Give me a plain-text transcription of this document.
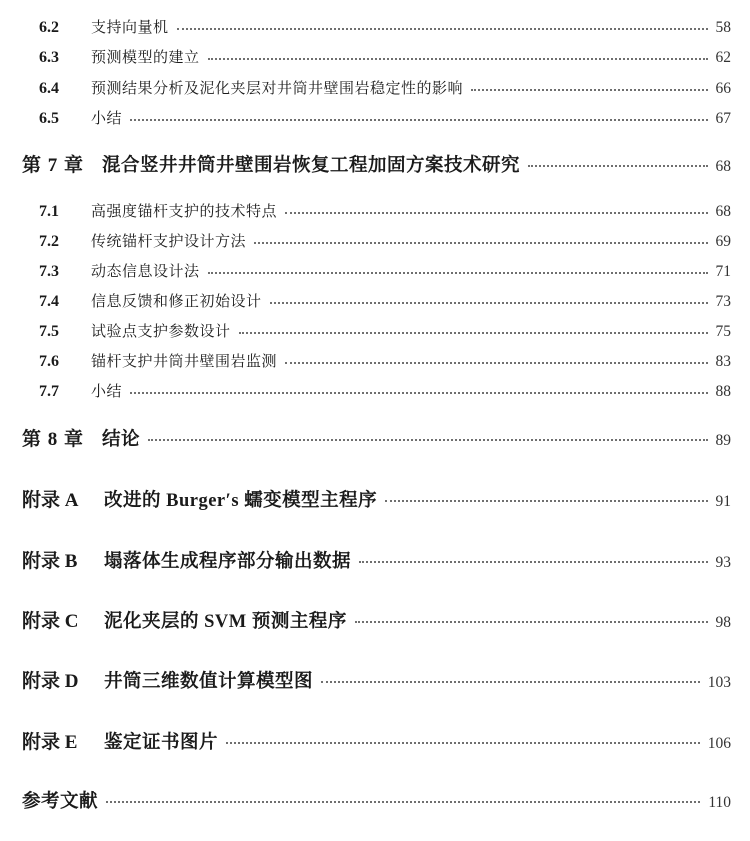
6.2	支持向量机	58
6.3	预测模型的建立	62
6.4	预测结果分析及泥化夹层对井筒井壁围岩稳定性的影响	66
6.5	小结	67
第 7 章 混合竖井井筒井壁围岩恢复工程加固方案技术研究	68
7.1	高强度锚杆支护的技术特点	68
7.2	传统锚杆支护设计方法	69
7.3	动态信息设计法	71
7.4	信息反馈和修正初始设计	73
7.5	试验点支护参数设计	75
7.6	锚杆支护井筒井壁围岩监测	83
7.7	小结	88
第 8 章 结论	89
附录 A	改进的 Burger′s 蠕变模型主程序	91
附录 B	塌落体生成程序部分输出数据	93
附录 C	泥化夹层的 SVM 预测主程序	98
附录 D	井筒三维数值计算模型图	103
附录 E	鉴定证书图片	106
参考文献	110
